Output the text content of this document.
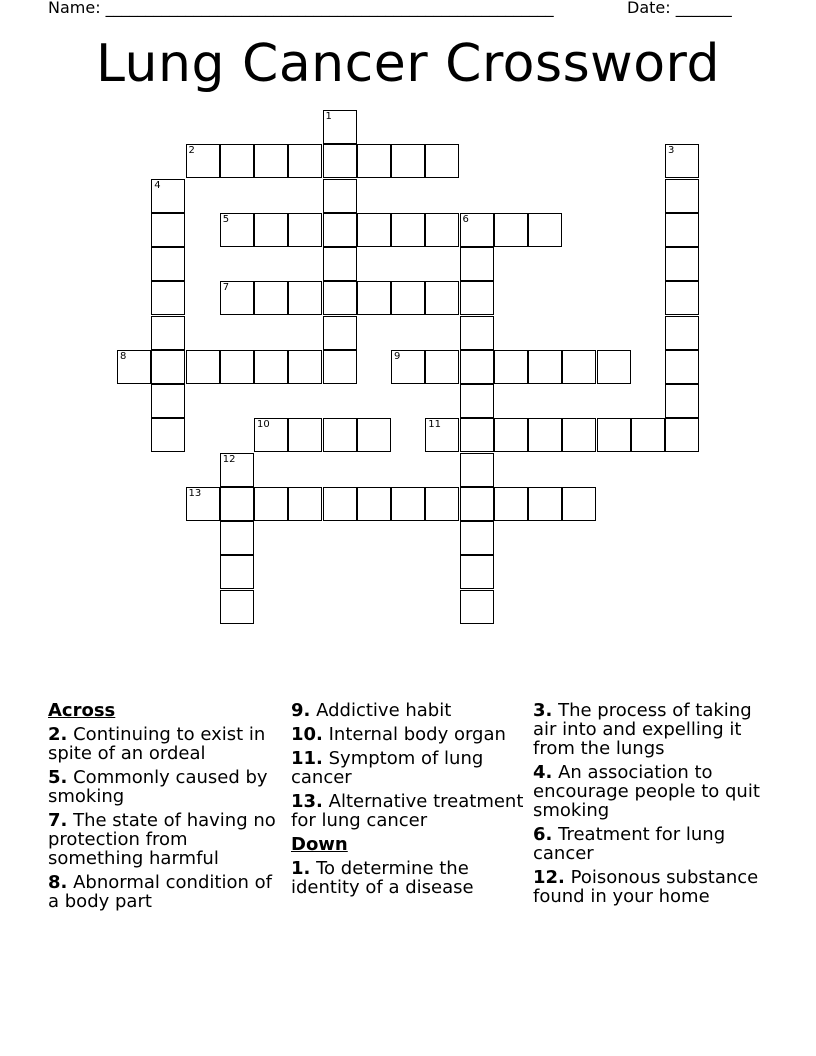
Name: ________________________________________________________	Date: _______
Lung Cancer Crossword
1
2	3
4
5	6
7
8	9
10	11
12
13
Across
2. Continuing to exist in spite of an ordeal
5. Commonly caused by smoking
7. The state of having no protection from something harmful
8. Abnormal condition of a body part
9. Addictive habit
10. Internal body organ
11. Symptom of lung cancer
13. Alternative treatment for lung cancer
Down
1. To determine the identity of a disease
3. The process of taking air into and expelling it from the lungs
4. An association to encourage people to quit smoking
6. Treatment for lung cancer
12. Poisonous substance found in your home
